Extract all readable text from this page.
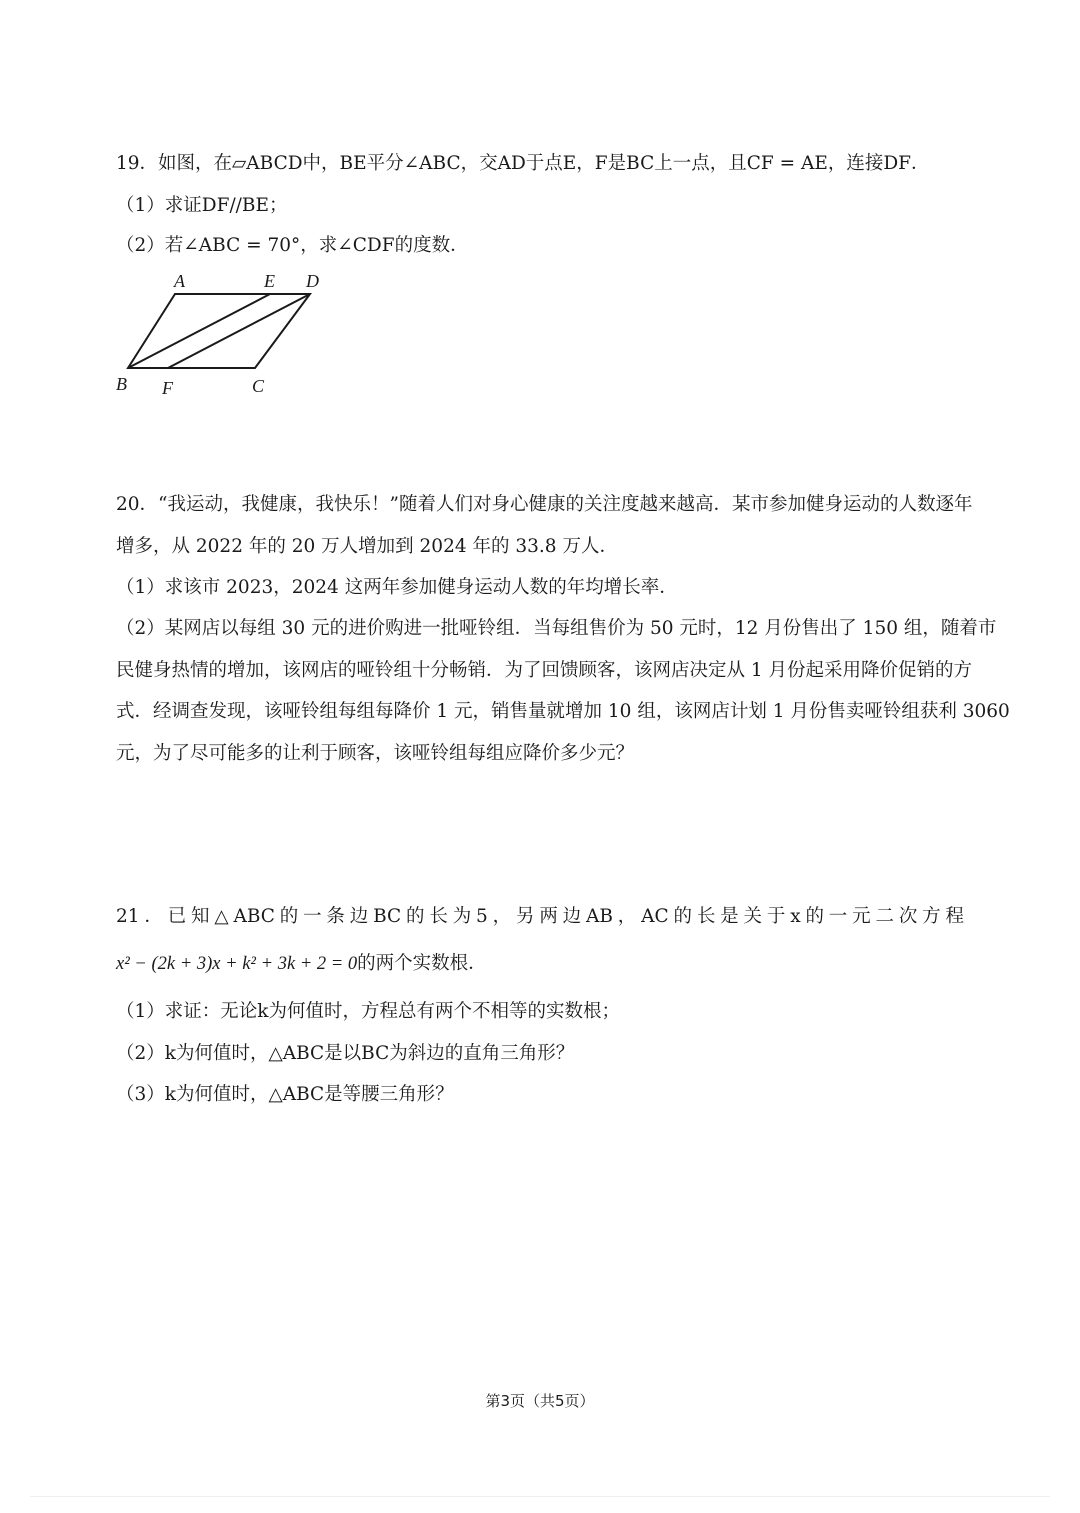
19．如图，在▱ABCD中，BE平分∠ABC，交AD于点E，F是BC上一点，且CF = AE，连接DF．
（1）求证DF//BE；
（2）若∠ABC = 70°，求∠CDF的度数．
A	E D
B F	C
20．“我运动，我健康，我快乐！”随着人们对身心健康的关注度越来越高．某市参加健身运动的人数逐年
增多，从 2022 年的 20 万人增加到 2024 年的 33.8 万人．
（1）求该市 2023，2024 这两年参加健身运动人数的年均增长率．
（2）某网店以每组 30 元的进价购进一批哑铃组．当每组售价为 50 元时，12 月份售出了 150 组，随着市
民健身热情的增加，该网店的哑铃组十分畅销．为了回馈顾客，该网店决定从 1 月份起采用降价促销的方
式．经调查发现，该哑铃组每组每降价 1 元，销售量就增加 10 组，该网店计划 1 月份售卖哑铃组获利 3060
元，为了尽可能多的让利于顾客，该哑铃组每组应降价多少元？
21．已知△ABC的一条边BC的长为5，另两边AB，AC的长是关于x的一元二次方程
x² − (2k + 3)x + k² + 3k + 2 = 0的两个实数根．
（1）求证：无论k为何值时，方程总有两个不相等的实数根；
（2）k为何值时，△ABC是以BC为斜边的直角三角形？
（3）k为何值时，△ABC是等腰三角形？
第3页（共5页）
